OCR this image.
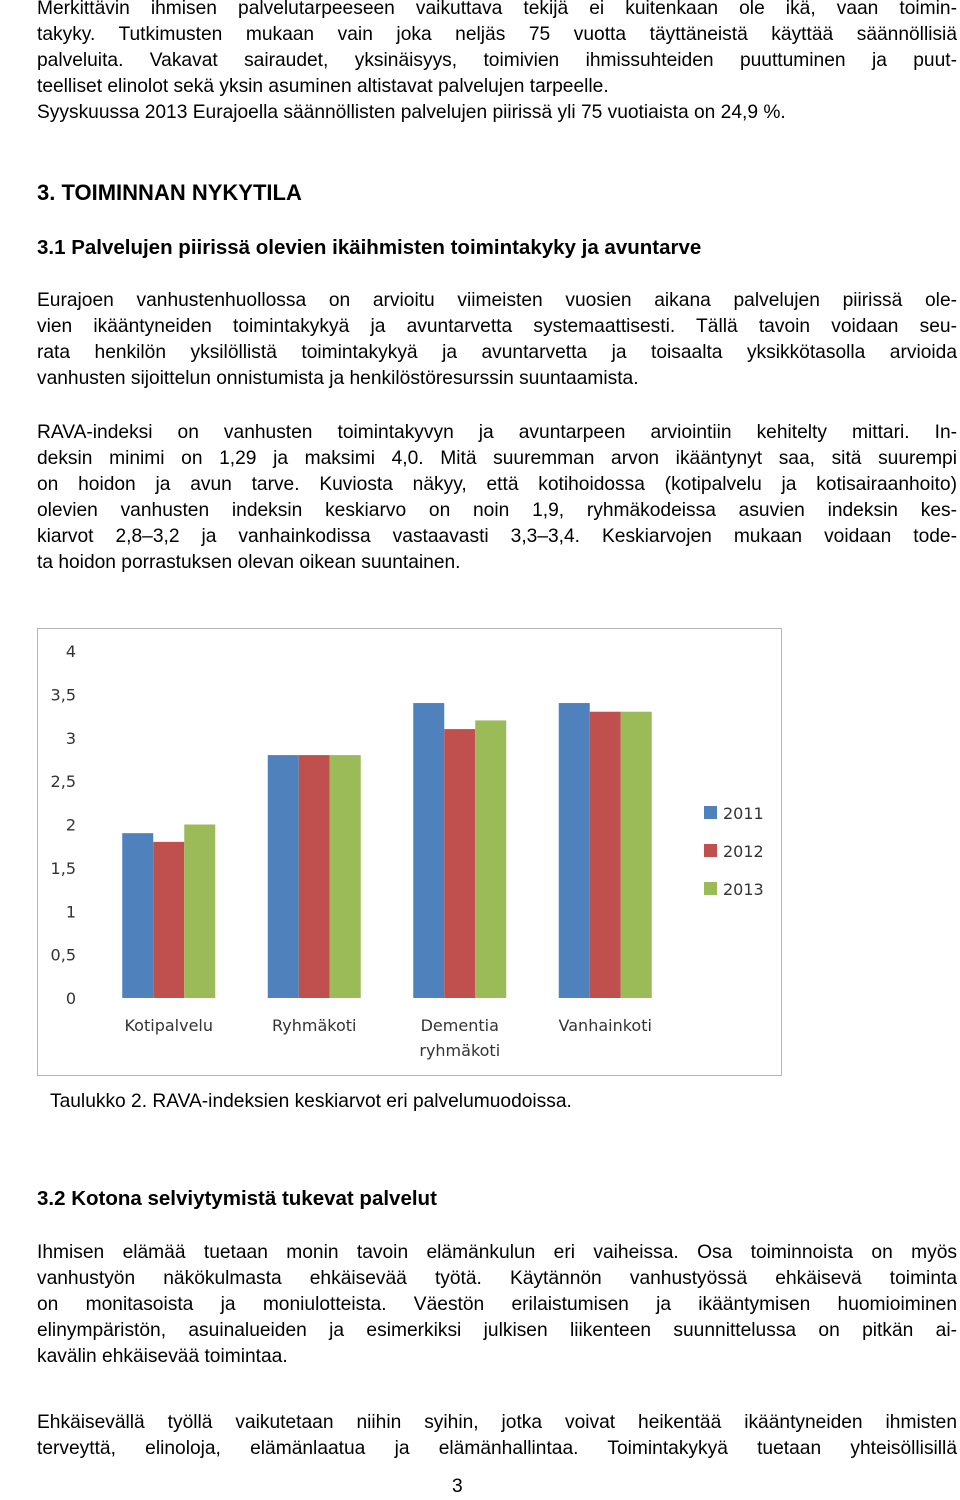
Merkittävin ihmisen palvelutarpeeseen vaikuttava tekijä ei kuitenkaan ole ikä, vaan toimin-
takyky. Tutkimusten mukaan vain joka neljäs 75 vuotta täyttäneistä käyttää säännöllisiä
palveluita. Vakavat sairaudet, yksinäisyys, toimivien ihmissuhteiden puuttuminen ja puut-
teelliset elinolot sekä yksin asuminen altistavat palvelujen tarpeelle.
Syyskuussa 2013 Eurajoella säännöllisten palvelujen piirissä yli 75 vuotiaista on 24,9 %.

3. TOIMINNAN NYKYTILA
3.1 Palvelujen piirissä olevien ikäihmisten toimintakyky ja avuntarve

Eurajoen vanhustenhuollossa on arvioitu viimeisten vuosien aikana palvelujen piirissä ole-
vien ikääntyneiden toimintakykyä ja avuntarvetta systemaattisesti. Tällä tavoin voidaan seu-
rata henkilön yksilöllistä toimintakykyä ja avuntarvetta ja toisaalta yksikkötasolla arvioida
vanhusten sijoittelun onnistumista ja henkilöstöresurssin suuntaamista.

RAVA-indeksi on vanhusten toimintakyvyn ja avuntarpeen arviointiin kehitelty mittari. In-
deksin minimi on 1,29 ja maksimi 4,0. Mitä suuremman arvon ikääntynyt saa, sitä suurempi
on hoidon ja avun tarve. Kuviosta näkyy, että kotihoidossa (kotipalvelu ja kotisairaanhoito)
olevien vanhusten indeksin keskiarvo on noin 1,9, ryhmäkodeissa asuvien indeksin kes-
kiarvot 2,8–3,2 ja vanhainkodissa vastaavasti 3,3–3,4. Keskiarvojen mukaan voidaan tode-
ta hoidon porrastuksen olevan oikean suuntainen.

0
0,5
1
1,5
2
2,5
3
3,5
4
Kotipalvelu	Ryhmäkoti	Dementia
ryhmäkoti
Vanhainkoti
2011
2012
2013
Taulukko 2. RAVA-indeksien keskiarvot eri palvelumuodoissa.
3.2 Kotona selviytymistä tukevat palvelut

Ihmisen elämää tuetaan monin tavoin elämänkulun eri vaiheissa. Osa toiminnoista on myös
vanhustyön näkökulmasta ehkäisevää työtä. Käytännön vanhustyössä ehkäisevä toiminta
on monitasoista ja moniulotteista. Väestön erilaistumisen ja ikääntymisen huomioiminen
elinympäristön, asuinalueiden ja esimerkiksi julkisen liikenteen suunnittelussa on pitkän ai-
kavälin ehkäisevää toimintaa.

Ehkäisevällä työllä vaikutetaan niihin syihin, jotka voivat heikentää ikääntyneiden ihmisten
terveyttä, elinoloja, elämänlaatua ja elämänhallintaa. Toimintakykyä tuetaan yhteisöllisillä

3
